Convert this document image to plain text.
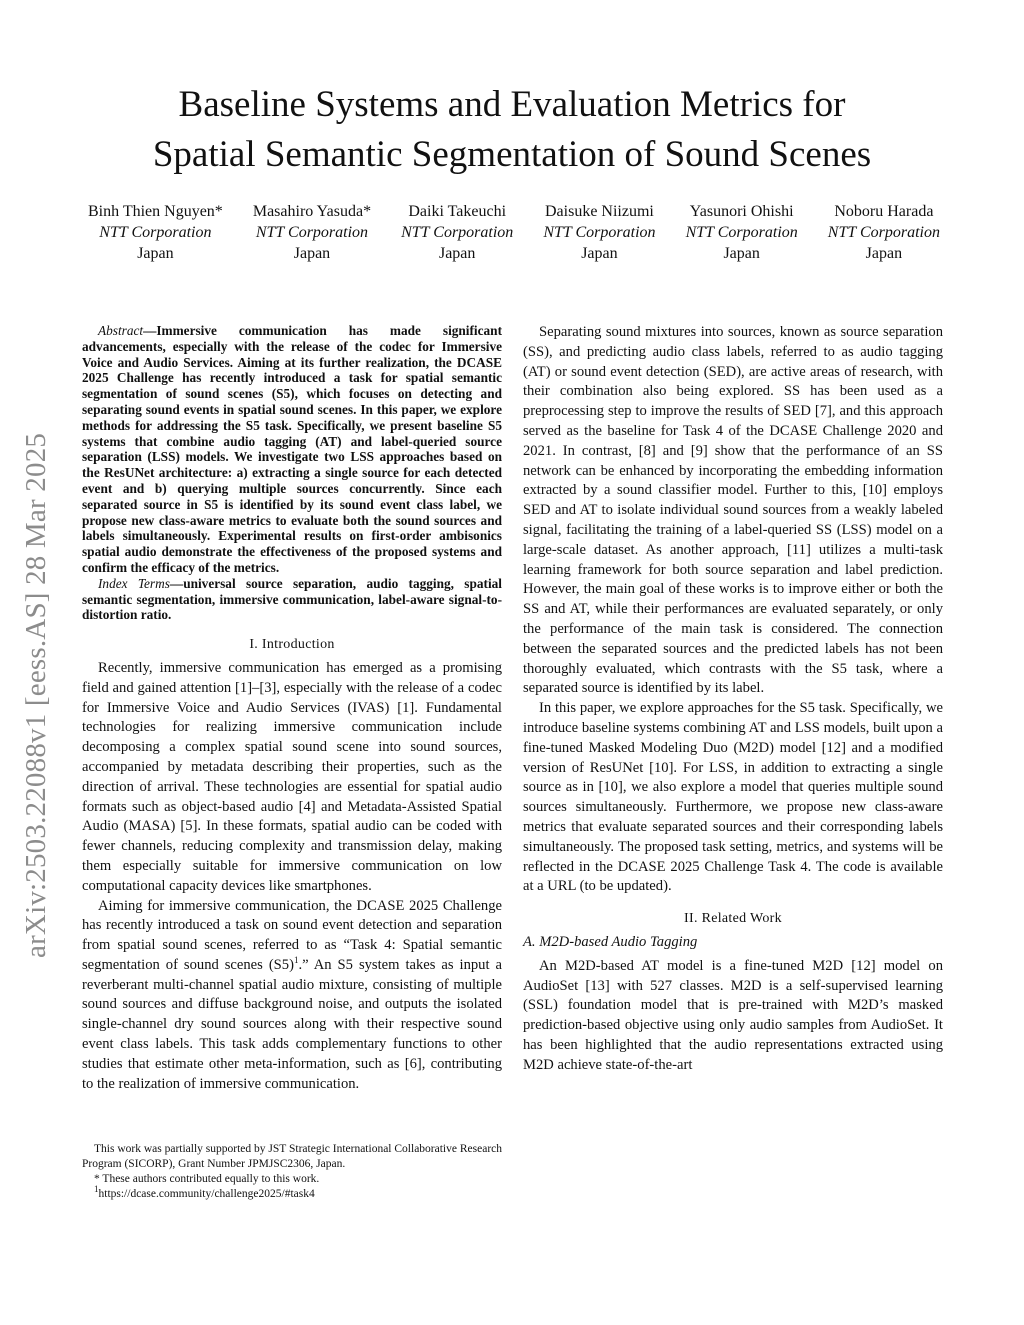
Baseline Systems and Evaluation Metrics for
Spatial Semantic Segmentation of Sound Scenes
Binh Thien Nguyen*
NTT Corporation
Japan
Masahiro Yasuda*
NTT Corporation
Japan
Daiki Takeuchi
NTT Corporation
Japan
Daisuke Niizumi
NTT Corporation
Japan
Yasunori Ohishi
NTT Corporation
Japan
Noboru Harada
NTT Corporation
Japan
arXiv:2503.22088v1 [eess.AS] 28 Mar 2025

Abstract—Immersive communication has made significant advancements, especially with the release of the codec for Immersive Voice and Audio Services. Aiming at its further realization, the DCASE 2025 Challenge has recently introduced a task for spatial semantic segmentation of sound scenes (S5), which focuses on detecting and separating sound events in spatial sound scenes. In this paper, we explore methods for addressing the S5 task. Specifically, we present baseline S5 systems that combine audio tagging (AT) and label-queried source separation (LSS) models. We investigate two LSS approaches based on the ResUNet architecture: a) extracting a single source for each detected event and b) querying multiple sources concurrently. Since each separated source in S5 is identified by its sound event class label, we propose new class-aware metrics to evaluate both the sound sources and labels simultaneously. Experimental results on first-order ambisonics spatial audio demonstrate the effectiveness of the proposed systems and confirm the efficacy of the metrics.

Index Terms—universal source separation, audio tagging, spatial semantic segmentation, immersive communication, label-aware signal-to-distortion ratio.

I. Introduction

Recently, immersive communication has emerged as a promising field and gained attention [1]–[3], especially with the release of a codec for Immersive Voice and Audio Services (IVAS) [1]. Fundamental technologies for realizing immersive communication include decomposing a complex spatial sound scene into sound sources, accompanied by metadata describing their properties, such as the direction of arrival. These technologies are essential for spatial audio formats such as object-based audio [4] and Metadata-Assisted Spatial Audio (MASA) [5]. In these formats, spatial audio can be coded with fewer channels, reducing complexity and transmission delay, making them especially suitable for immersive communication on low computational capacity devices like smartphones.

Aiming for immersive communication, the DCASE 2025 Challenge has recently introduced a task on sound event detection and separation from spatial sound scenes, referred to as “Task 4: Spatial semantic segmentation of sound scenes $(S5)^1$.” An S5 system takes as input a reverberant multi-channel spatial audio mixture, consisting of multiple sound sources and diffuse background noise, and outputs the isolated single-channel dry sound sources along with their respective sound event class labels. This task adds complementary functions to other studies that estimate other meta-information, such as [6], contributing to the realization of immersive communication.

Separating sound mixtures into sources, known as source separation (SS), and predicting audio class labels, referred to as audio tagging (AT) or sound event detection (SED), are active areas of research, with their combination also being explored. SS has been used as a preprocessing step to improve the results of SED [7], and this approach served as the baseline for Task 4 of the DCASE Challenge 2020 and 2021. In contrast, [8] and [9] show that the performance of an SS network can be enhanced by incorporating the embedding information extracted by a sound classifier model. Further to this, [10] employs SED and AT to isolate individual sound sources from a weakly labeled signal, facilitating the training of a label-queried SS (LSS) model on a large-scale dataset. As another approach, [11] utilizes a multi-task learning framework for both source separation and label prediction. However, the main goal of these works is to improve either or both the SS and AT, while their performances are evaluated separately, or only the performance of the main task is considered. The connection between the separated sources and the predicted labels has not been thoroughly evaluated, which contrasts with the S5 task, where a separated source is identified by its label.

In this paper, we explore approaches for the S5 task. Specifically, we introduce baseline systems combining AT and LSS models, built upon a fine-tuned Masked Modeling Duo (M2D) model [12] and a modified version of ResUNet [10]. For LSS, in addition to extracting a single source as in [10], we also explore a model that queries multiple sound sources simultaneously. Furthermore, we propose new class-aware metrics that evaluate separated sources and their corresponding labels simultaneously. The proposed task setting, metrics, and systems will be reflected in the DCASE 2025 Challenge Task 4. The code is available at a URL (to be updated).

II. Related Work

A. M2D-based Audio Tagging

An M2D-based AT model is a fine-tuned M2D [12] model on AudioSet [13] with 527 classes. M2D is a self-supervised learning (SSL) foundation model that is pre-trained with M2D’s masked prediction-based objective using only audio samples from AudioSet. It has been highlighted that the audio representations extracted using M2D achieve state-of-the-art

This work was partially supported by JST Strategic International Collaborative Research Program (SICORP), Grant Number JPMJSC2306, Japan.

* These authors contributed equally to this work.

$^1$https://dcase.community/challenge2025/#task4
